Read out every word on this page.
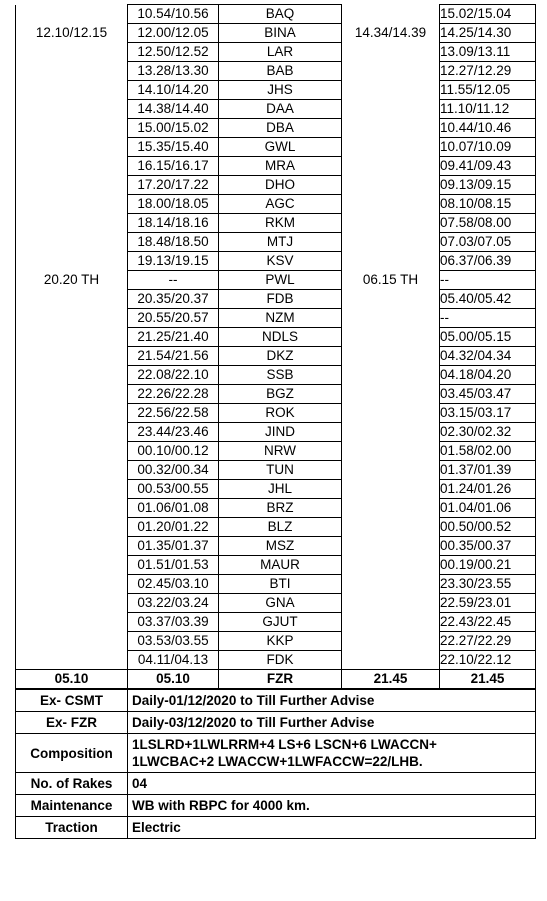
	10.54/10.56	BAQ		15.02/15.04
12.10/12.15	12.00/12.05	BINA	14.34/14.39	14.25/14.30
	12.50/12.52	LAR		13.09/13.11
	13.28/13.30	BAB		12.27/12.29
	14.10/14.20	JHS		11.55/12.05
	14.38/14.40	DAA		11.10/11.12
	15.00/15.02	DBA		10.44/10.46
	15.35/15.40	GWL		10.07/10.09
	16.15/16.17	MRA		09.41/09.43
	17.20/17.22	DHO		09.13/09.15
	18.00/18.05	AGC		08.10/08.15
	18.14/18.16	RKM		07.58/08.00
	18.48/18.50	MTJ		07.03/07.05
	19.13/19.15	KSV		06.37/06.39
20.20 TH	--	PWL	06.15 TH	--
	20.35/20.37	FDB		05.40/05.42
	20.55/20.57	NZM		--
	21.25/21.40	NDLS		05.00/05.15
	21.54/21.56	DKZ		04.32/04.34
	22.08/22.10	SSB		04.18/04.20
	22.26/22.28	BGZ		03.45/03.47
	22.56/22.58	ROK		03.15/03.17
	23.44/23.46	JIND		02.30/02.32
	00.10/00.12	NRW		01.58/02.00
	00.32/00.34	TUN		01.37/01.39
	00.53/00.55	JHL		01.24/01.26
	01.06/01.08	BRZ		01.04/01.06
	01.20/01.22	BLZ		00.50/00.52
	01.35/01.37	MSZ		00.35/00.37
	01.51/01.53	MAUR		00.19/00.21
	02.45/03.10	BTI		23.30/23.55
	03.22/03.24	GNA		22.59/23.01
	03.37/03.39	GJUT		22.43/22.45
	03.53/03.55	KKP		22.27/22.29
	04.11/04.13	FDK		22.10/22.12
05.10	05.10	FZR	21.45	21.45
Ex- CSMT	Daily-01/12/2020 to Till Further Advise
Ex- FZR	Daily-03/12/2020 to Till Further Advise
Composition	1LSLRD+1LWLRRM+4 LS+6 LSCN+6 LWACCN+
1LWCBAC+2 LWACCW+1LWFACCW=22/LHB.

No. of Rakes	04
Maintenance	WB with RBPC for 4000 km.
Traction	Electric
